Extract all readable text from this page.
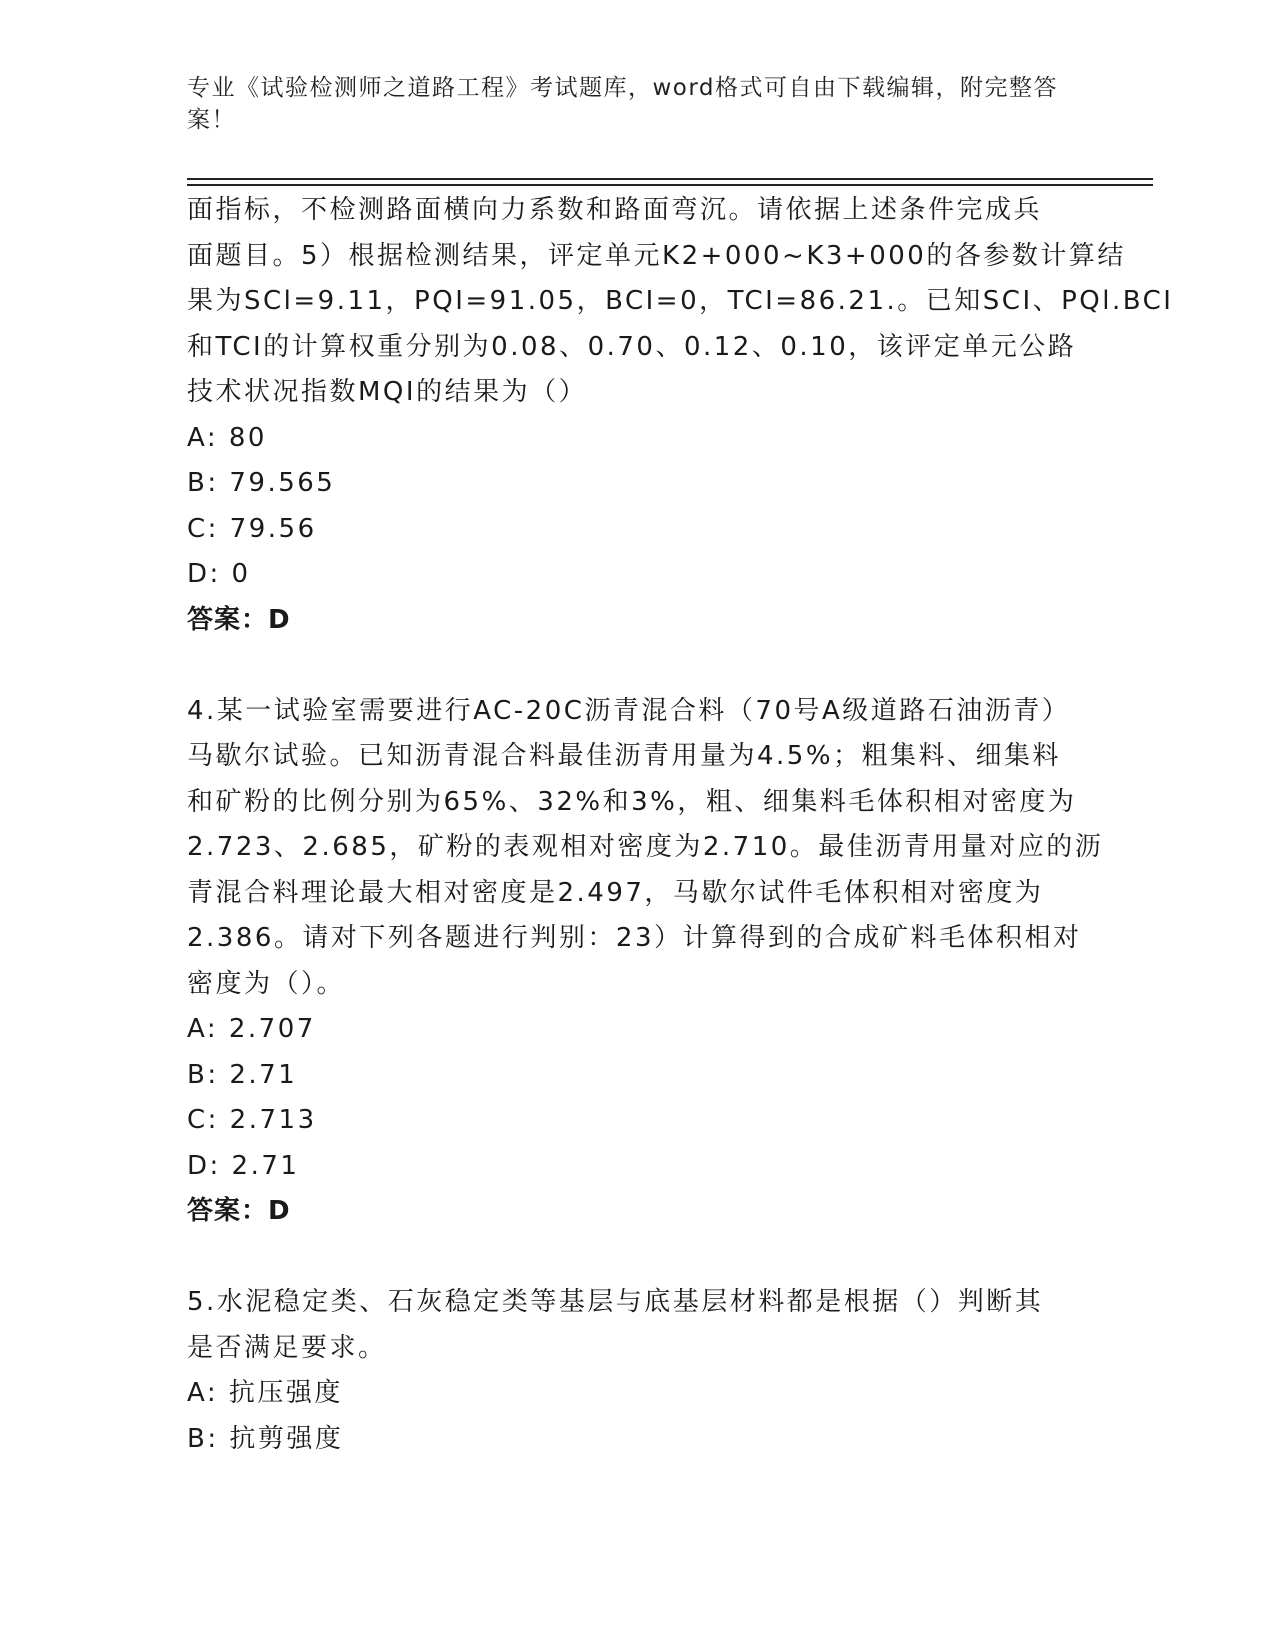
专业《试验检测师之道路工程》考试题库，word格式可自由下载编辑，附完整答
案！
面指标，不检测路面横向力系数和路面弯沉。请依据上述条件完成兵
面题目。5）根据检测结果，评定单元K2+000~K3+000的各参数计算结
果为SCl=9.11，PQI=91.05，BCI=0，TCI=86.21.。已知SCI、PQl.BCI
和TCI的计算权重分别为0.08、0.70、0.12、0.10，该评定单元公路
技术状况指数MQI的结果为（）
A: 80
B: 79.565
C: 79.56
D: 0
答案：D
4.某一试验室需要进行AC-20C沥青混合料（70号A级道路石油沥青）
马歇尔试验。已知沥青混合料最佳沥青用量为4.5%；粗集料、细集料
和矿粉的比例分别为65%、32%和3%，粗、细集料毛体积相对密度为
2.723、2.685，矿粉的表观相对密度为2.710。最佳沥青用量对应的沥
青混合料理论最大相对密度是2.497，马歇尔试件毛体积相对密度为
2.386。请对下列各题进行判别：23）计算得到的合成矿料毛体积相对
密度为（）。
A: 2.707
B: 2.71
C: 2.713
D: 2.71
答案：D
5.水泥稳定类、石灰稳定类等基层与底基层材料都是根据（）判断其
是否满足要求。
A: 抗压强度
B: 抗剪强度
